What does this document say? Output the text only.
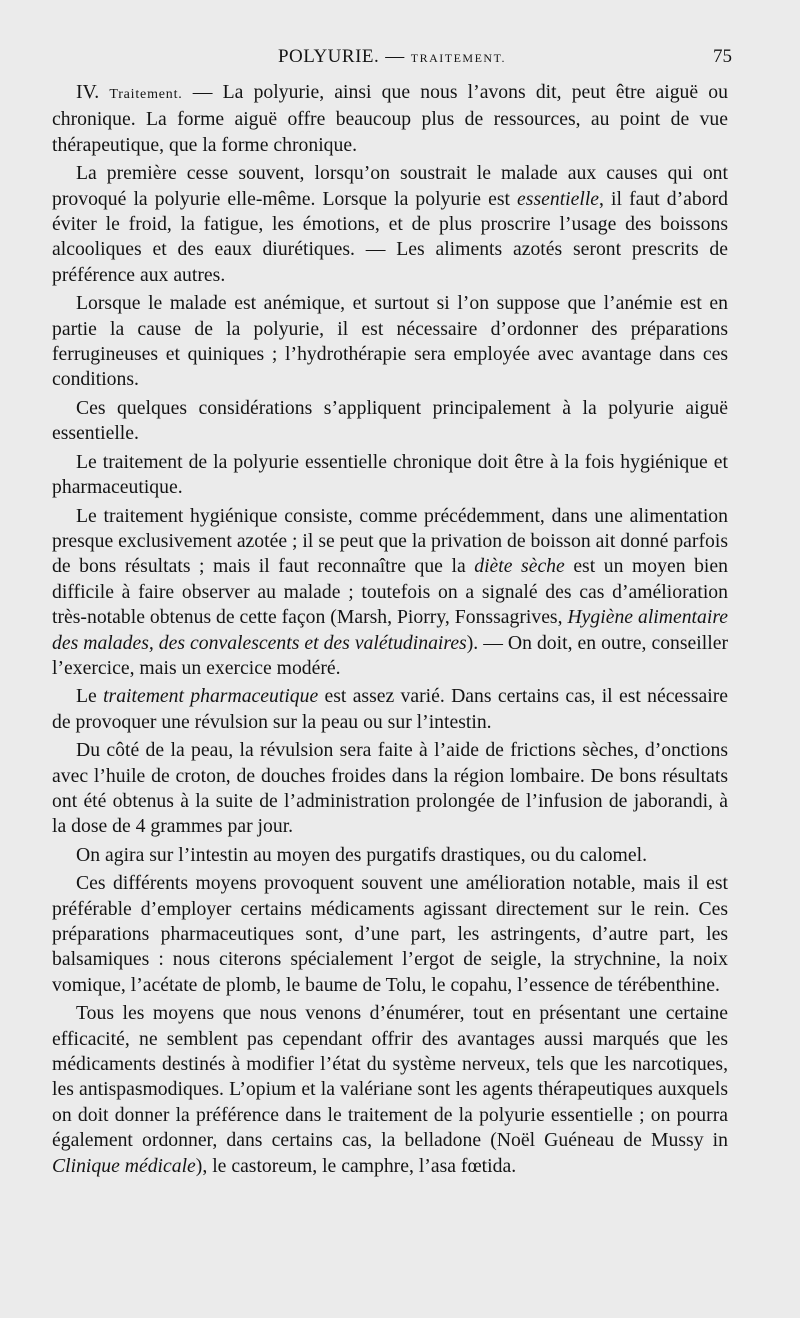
POLYURIE. — TRAITEMENT.	75

IV. Traitement. — La polyurie, ainsi que nous l’avons dit, peut être aiguë ou chronique. La forme aiguë offre beaucoup plus de ressources, au point de vue thérapeutique, que la forme chronique.

La première cesse souvent, lorsqu’on soustrait le malade aux causes qui ont provoqué la polyurie elle-même. Lorsque la polyurie est essentielle, il faut d’abord éviter le froid, la fatigue, les émotions, et de plus proscrire l’usage des boissons alcooliques et des eaux diurétiques. — Les aliments azotés seront prescrits de préférence aux autres.

Lorsque le malade est anémique, et surtout si l’on suppose que l’anémie est en partie la cause de la polyurie, il est nécessaire d’ordonner des préparations ferrugineuses et quiniques ; l’hydrothérapie sera employée avec avantage dans ces conditions.

Ces quelques considérations s’appliquent principalement à la polyurie aiguë essentielle.

Le traitement de la polyurie essentielle chronique doit être à la fois hygiénique et pharmaceutique.

Le traitement hygiénique consiste, comme précédemment, dans une alimentation presque exclusivement azotée ; il se peut que la privation de boisson ait donné parfois de bons résultats ; mais il faut reconnaître que la diète sèche est un moyen bien difficile à faire observer au malade ; toutefois on a signalé des cas d’amélioration très-notable obtenus de cette façon (Marsh, Piorry, Fonssagrives, Hygiène alimentaire des malades, des convalescents et des valétudinaires). — On doit, en outre, conseiller l’exercice, mais un exercice modéré.

Le traitement pharmaceutique est assez varié. Dans certains cas, il est nécessaire de provoquer une révulsion sur la peau ou sur l’intestin.

Du côté de la peau, la révulsion sera faite à l’aide de frictions sèches, d’onctions avec l’huile de croton, de douches froides dans la région lombaire. De bons résultats ont été obtenus à la suite de l’administration prolongée de l’infusion de jaborandi, à la dose de 4 grammes par jour.

On agira sur l’intestin au moyen des purgatifs drastiques, ou du calomel.

Ces différents moyens provoquent souvent une amélioration notable, mais il est préférable d’employer certains médicaments agissant directement sur le rein. Ces préparations pharmaceutiques sont, d’une part, les astringents, d’autre part, les balsamiques : nous citerons spécialement l’ergot de seigle, la strychnine, la noix vomique, l’acétate de plomb, le baume de Tolu, le copahu, l’essence de térébenthine.

Tous les moyens que nous venons d’énumérer, tout en présentant une certaine efficacité, ne semblent pas cependant offrir des avantages aussi marqués que les médicaments destinés à modifier l’état du système nerveux, tels que les narcotiques, les antispasmodiques. L’opium et la valériane sont les agents thérapeutiques auxquels on doit donner la préférence dans le traitement de la polyurie essentielle ; on pourra également ordonner, dans certains cas, la belladone (Noël Guéneau de Mussy in Clinique médicale), le castoreum, le camphre, l’asa fœtida.
